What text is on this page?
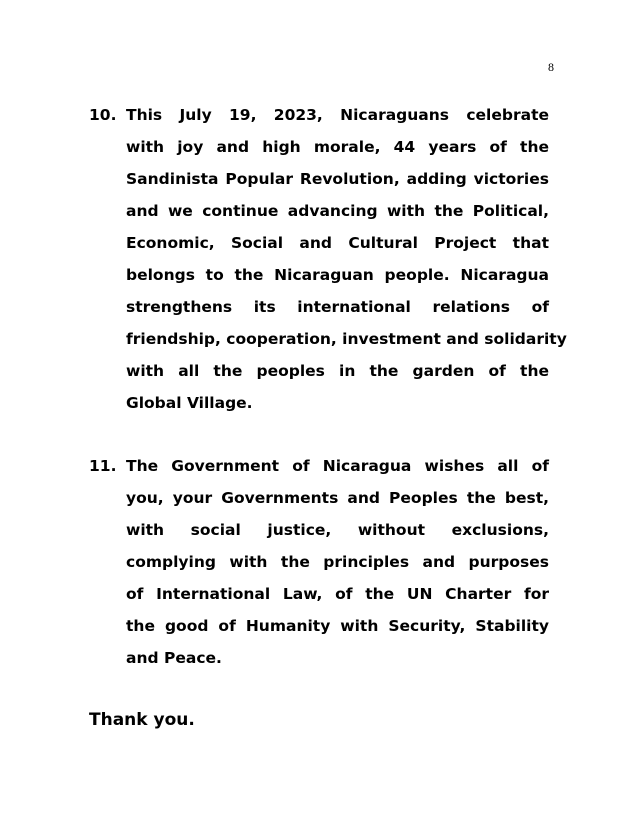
8
10. This July 19, 2023, Nicaraguans celebrate
with joy and high morale, 44 years of the
Sandinista Popular Revolution, adding victories
and we continue advancing with the Political,
Economic, Social and Cultural Project that
belongs to the Nicaraguan people. Nicaragua
strengthens its international relations of
friendship, cooperation, investment and solidarity
with all the peoples in the garden of the
Global Village.
11. The Government of Nicaragua wishes all of
you, your Governments and Peoples the best,
with social justice, without exclusions,
complying with the principles and purposes
of International Law, of the UN Charter for
the good of Humanity with Security, Stability
and Peace.
Thank you.
